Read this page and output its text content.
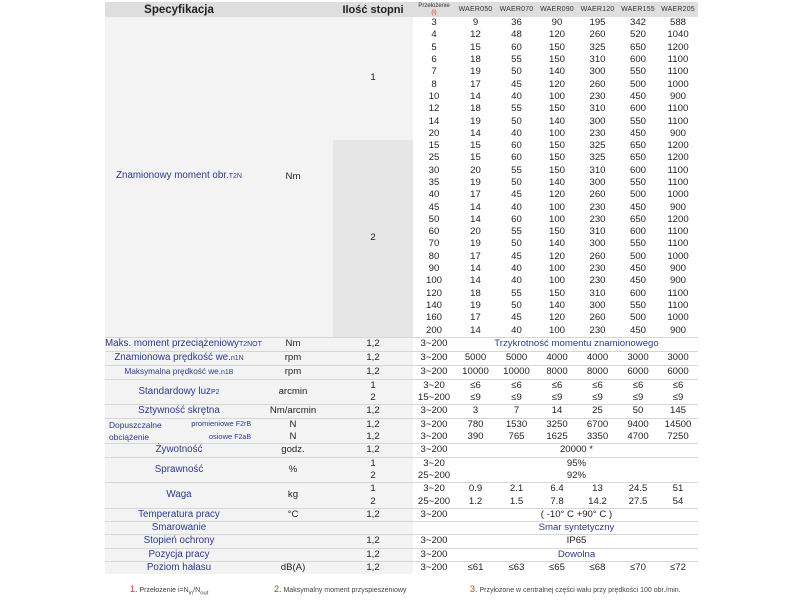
Specyfikacja		Ilość stopni	Przełożenie
(i)	WAER050	WAER070	WAER090	WAER120	WAER155	WAER205
Znamionowy moment obr.T2N	Nm	1	3	9	36	90	195	342	588
			4	12	48	120	260	520	1040
			5	15	60	150	325	650	1200
			6	18	55	150	310	600	1100
			7	19	50	140	300	550	1100
			8	17	45	120	260	500	1000
			10	14	40	100	230	450	900
			12	18	55	150	310	600	1100
			14	19	50	140	300	550	1100
			20	14	40	100	230	450	900
		2	15	15	60	150	325	650	1200
			25	15	60	150	325	650	1200
			30	20	55	150	310	600	1100
			35	19	50	140	300	550	1100
			40	17	45	120	260	500	1000
			45	14	40	100	230	450	900
			50	14	60	100	230	650	1200
			60	20	55	150	310	600	1100
			70	19	50	140	300	550	1100
			80	17	45	120	260	500	1000
			90	14	40	100	230	450	900
			100	14	40	100	230	450	900
			120	18	55	150	310	600	1100
			140	19	50	140	300	550	1100
			160	17	45	120	260	500	1000
			200	14	40	100	230	450	900
Maks. moment przeciążeniowyT2NOT	Nm	1,2	3~200	Trzykrotność momentu znamionowego					
Znamionowa prędkość we.n1N	rpm	1,2	3~200	5000	5000	4000	4000	3000	3000
Maksymalna prędkość we.n1B	rpm	1,2	3~200	10000	10000	8000	8000	6000	6000
Standardowy luzP2	arcmin	1	3~20	≤6	≤6	≤6	≤6	≤6	≤6
		2	15~200	≤9	≤9	≤9	≤9	≤9	≤9
Sztywność skrętna	Nm/arcmin	1,2	3~200	3	7	14	25	50	145

Dopuszczalne promieniowe F2rB	N	1,2	3~200	780	1530	3250	6700	9400	14500

obciążenie osiowe F2aB	N	1,2	3~200	390	765	1625	3350	4700	7250
Żywotność	godz.	1,2	3~200	20000 *					
Sprawność	%	1	3~20	95%					
		2	25~200	92%					
Waga	kg	1	3~20	0.9	2.1	6.4	13	24.5	51
		2	25~200	1.2	1.5	7.8	14.2	27.5	54
Temperatura pracy	°C	1,2	3~200	( -10° C +90° C )					
Smarowanie				Smar syntetyczny					
Stopień ochrony		1,2	3~200	IP65					
Pozycja pracy		1,2	3~200	Dowolna					
Poziom hałasu	dB(A)	1,2	3~200	≤61	≤63	≤65	≤68	≤70	≤72
1. Przełożenie $i=N_{in}/N_{out}$	2. Maksymalny moment przyspieszeniowy	3. Przyłożone w centralnej części wału przy prędkości 100 obr./min.
